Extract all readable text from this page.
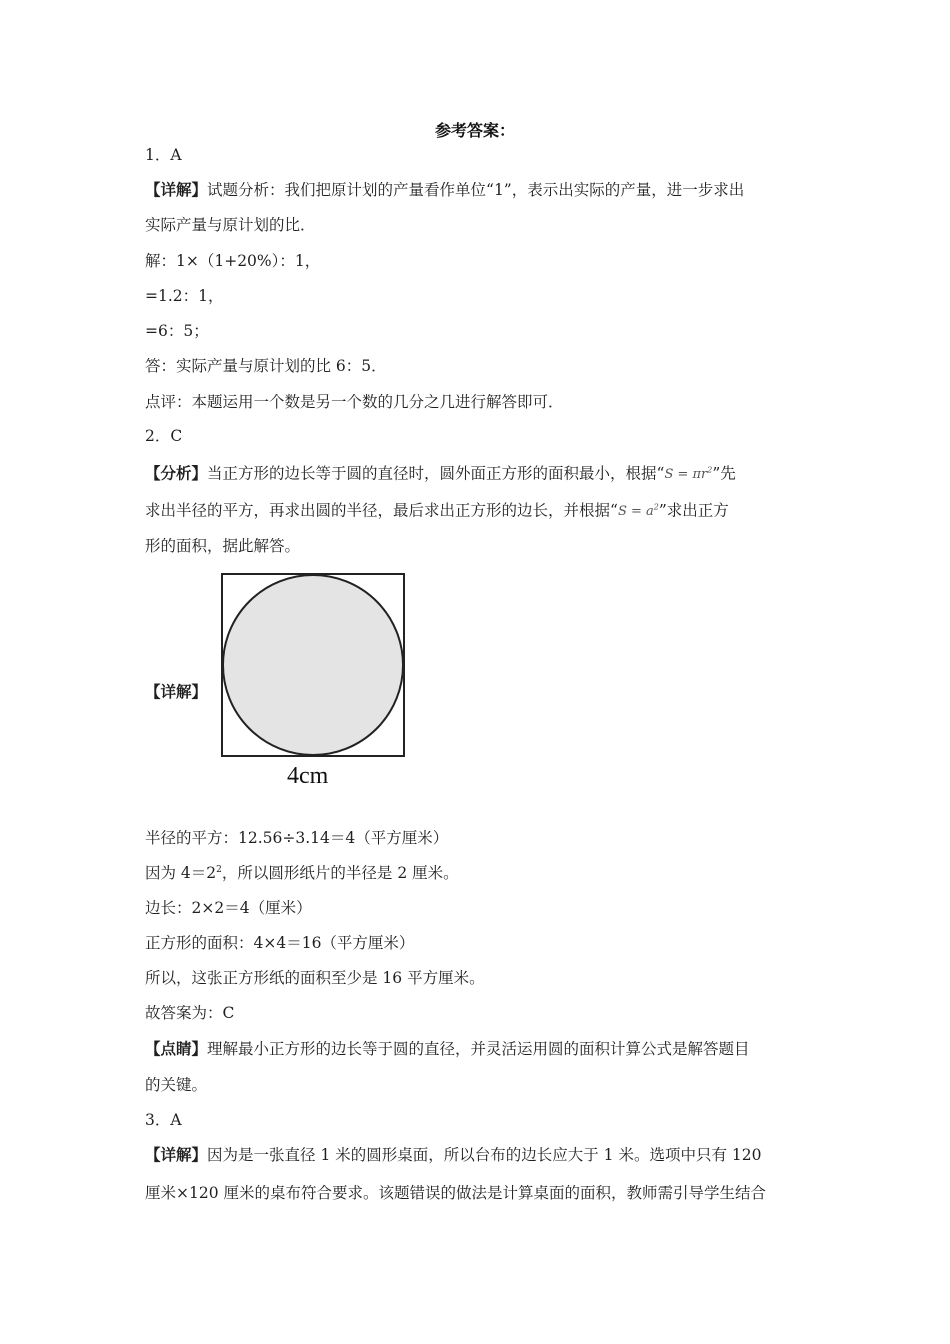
参考答案：
1．A
【详解】试题分析：我们把原计划的产量看作单位“1”，表示出实际的产量，进一步求出
实际产量与原计划的比．
解：1×（1+20%）：1，
=1.2：1，
=6：5；
答：实际产量与原计划的比 6：5．
点评：本题运用一个数是另一个数的几分之几进行解答即可．
2．C
【分析】当正方形的边长等于圆的直径时，圆外面正方形的面积最小，根据“$S = \pi r^2$”先
求出半径的平方，再求出圆的半径，最后求出正方形的边长，并根据“$S = a^2$”求出正方
形的面积，据此解答。
【详解】
4cm
半径的平方：12.56÷3.14＝4（平方厘米）
因为 $4=2^2$，所以圆形纸片的半径是 2 厘米。
边长：2×2＝4（厘米）
正方形的面积：4×4＝16（平方厘米）
所以，这张正方形纸的面积至少是 16 平方厘米。
故答案为：C
【点睛】理解最小正方形的边长等于圆的直径，并灵活运用圆的面积计算公式是解答题目
的关键。
3．A
【详解】因为是一张直径 1 米的圆形桌面，所以台布的边长应大于 1 米。选项中只有 120
厘米×120 厘米的桌布符合要求。该题错误的做法是计算桌面的面积，教师需引导学生结合
